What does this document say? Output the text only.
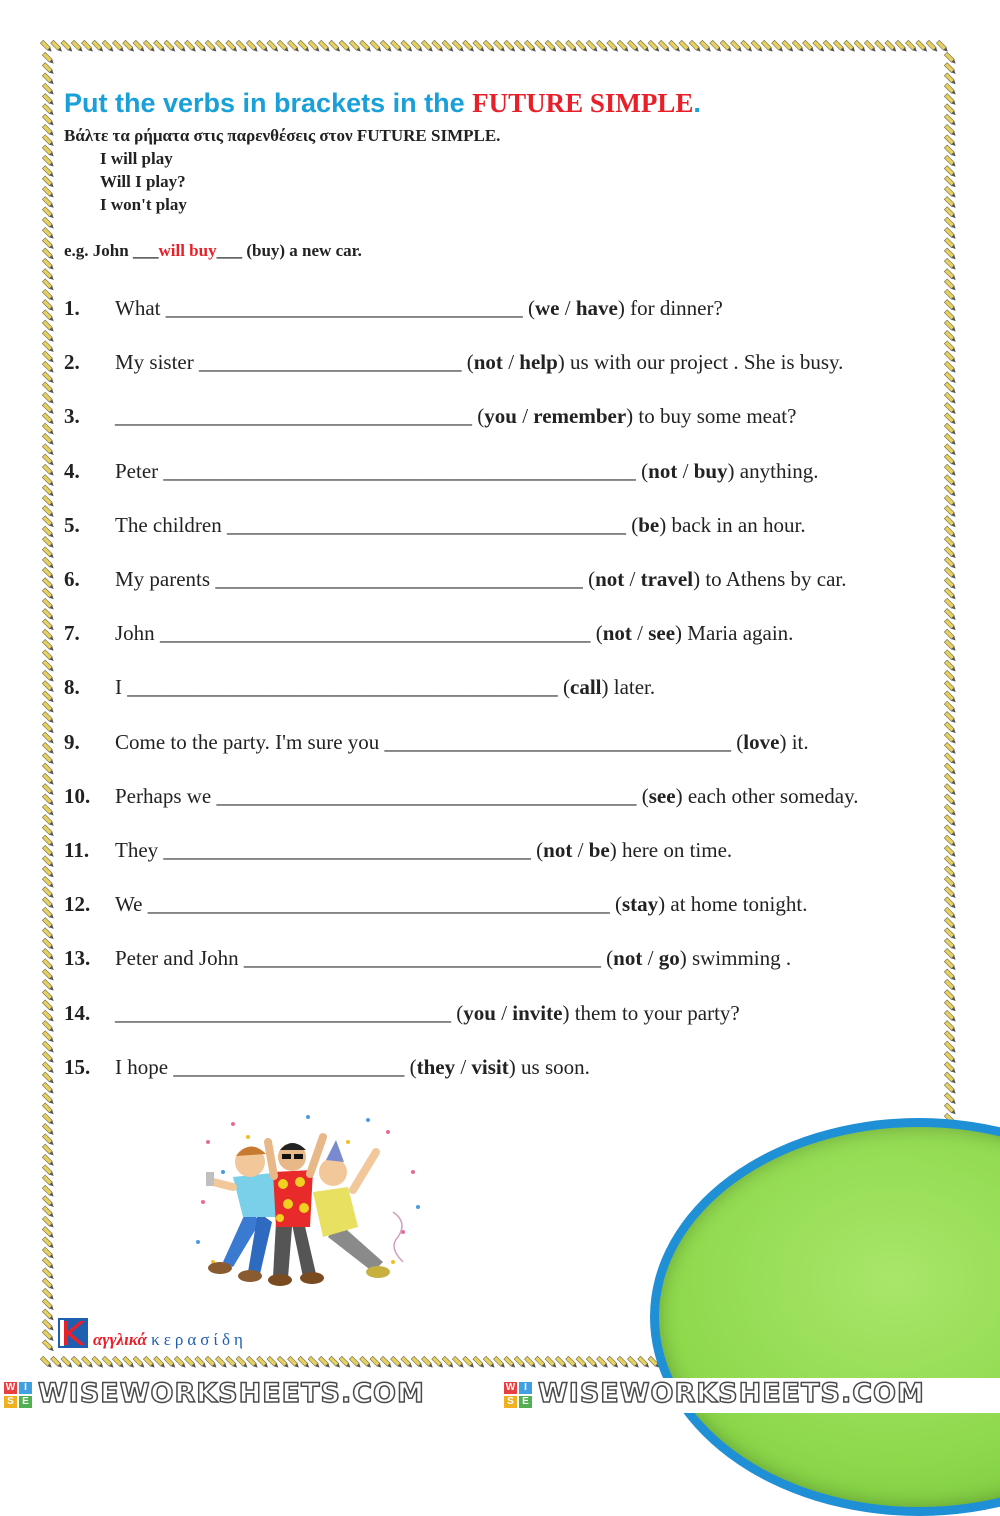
Put the verbs in brackets in the FUTURE SIMPLE.
Βάλτε τα ρήματα στις παρενθέσεις στον FUTURE SIMPLE.
I will play
Will I play?
I won't play
e.g. John ___will buy___ (buy) a new car.
1. What __________________________________ (we / have) for dinner?
2. My sister _________________________ (not / help) us with our project . She is busy.
3. __________________________________ (you / remember) to buy some meat?
4. Peter _____________________________________________ (not / buy) anything.
5. The children ______________________________________ (be) back in an hour.
6. My parents ___________________________________ (not / travel) to Athens by car.
7. John _________________________________________ (not / see) Maria again.
8. I _________________________________________ (call) later.
9. Come to the party. I'm sure you _________________________________ (love) it.
10. Perhaps we ________________________________________ (see) each other someday.
11. They ___________________________________ (not / be) here on time.
12. We ____________________________________________ (stay) at home tonight.
13. Peter and John __________________________________ (not / go) swimming .
14. ________________________________ (you / invite) them to your party?
15. I hope ______________________ (they / visit) us soon.
αγγλικά κερασίδη
W I
S E WISEWORKSHEETS.COM	W I
S E WISEWORKSHEETS.COM
